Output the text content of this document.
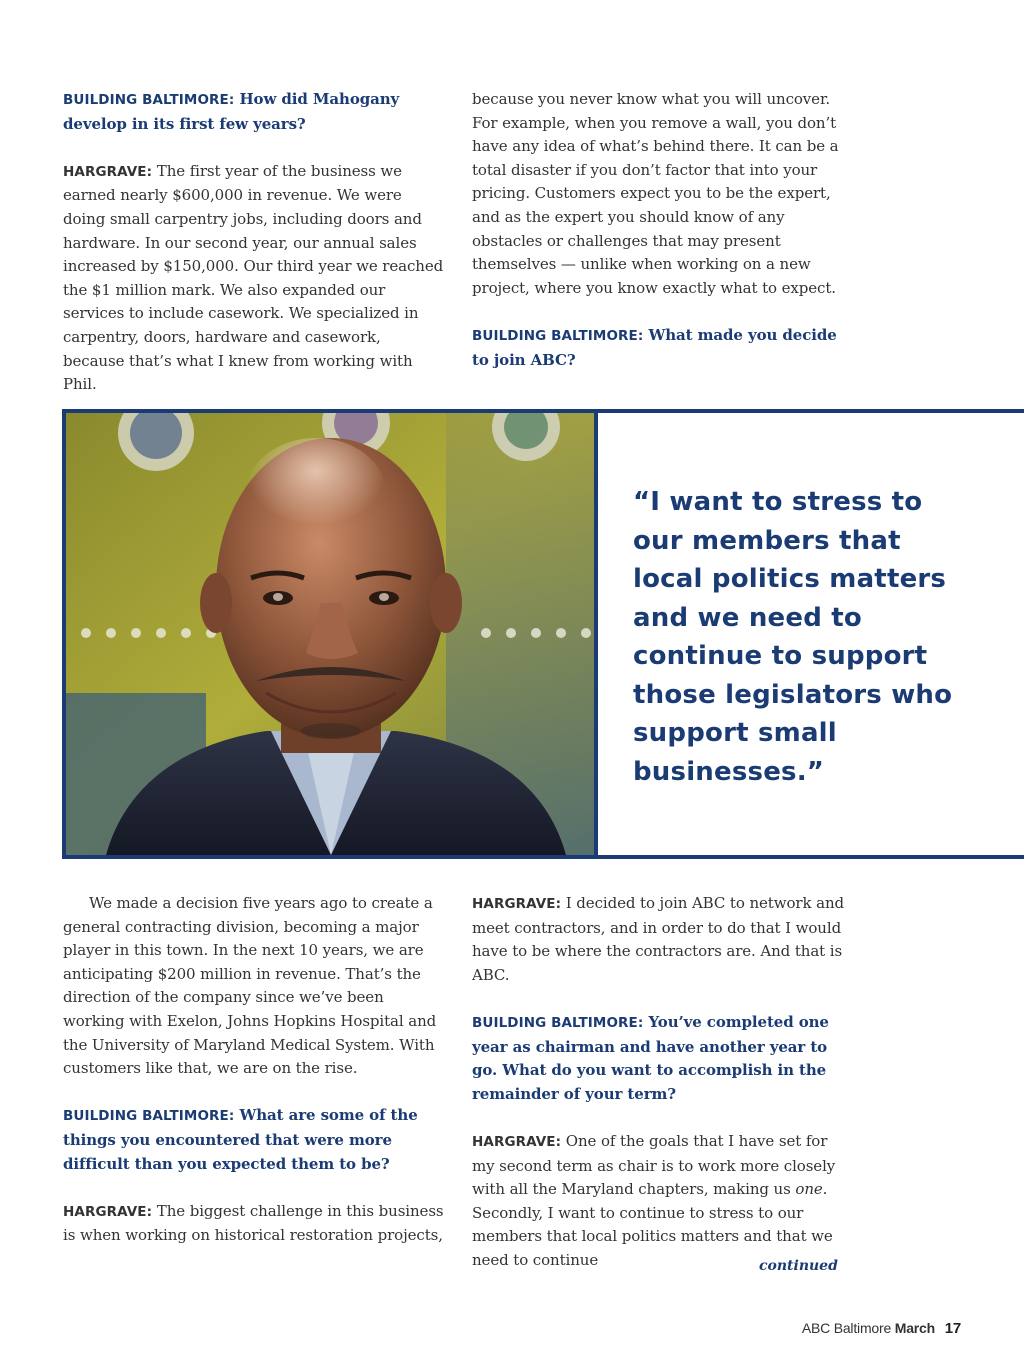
BUILDING BALTIMORE: How did Mahogany develop in its first few years?

HARGRAVE: The first year of the business we earned nearly $600,000 in revenue. We were doing small carpentry jobs, including doors and hardware. In our second year, our annual sales increased by $150,000. Our third year we reached the $1 million mark. We also expanded our services to include casework. We specialized in carpentry, doors, hardware and casework, because that’s what I knew from working with Phil.

because you never know what you will uncover. For example, when you remove a wall, you don’t have any idea of what’s behind there. It can be a total disaster if you don’t factor that into your pricing. Customers expect you to be the expert, and as the expert you should know of any obstacles or challenges that may present themselves — unlike when working on a new project, where you know exactly what to expect.

BUILDING BALTIMORE: What made you decide to join ABC?

“I want to stress to our members that local politics matters and we need to continue to support those legislators who support small businesses.”

We made a decision five years ago to create a general contracting division, becoming a major player in this town. In the next 10 years, we are anticipating $200 million in revenue. That’s the direction of the company since we’ve been working with Exelon, Johns Hopkins Hospital and the University of Maryland Medical System. With customers like that, we are on the rise.

BUILDING BALTIMORE: What are some of the things you encountered that were more difficult than you expected them to be?

HARGRAVE: The biggest challenge in this business is when working on historical restoration projects,

HARGRAVE: I decided to join ABC to network and meet contractors, and in order to do that I would have to be where the contractors are. And that is ABC.

BUILDING BALTIMORE: You’ve completed one year as chairman and have another year to go. What do you want to accomplish in the remainder of your term?

HARGRAVE: One of the goals that I have set for my second term as chair is to work more closely with all the Maryland chapters, making us one. Secondly, I want to continue to stress to our members that local politics matters and that we need to continue	continued
ABC Baltimore March 17
